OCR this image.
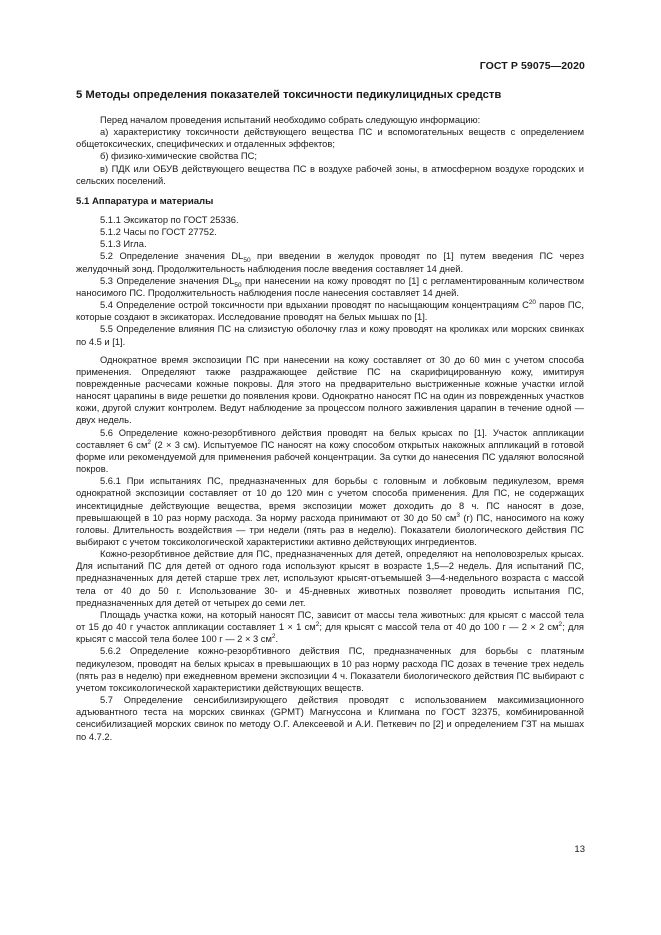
ГОСТ Р 59075—2020
5 Методы определения показателей токсичности педикулицидных средств

Перед началом проведения испытаний необходимо собрать следующую информацию:

а) характеристику токсичности действующего вещества ПС и вспомогательных веществ с определением общетоксических, специфических и отдаленных эффектов;

б) физико-химические свойства ПС;

в) ПДК или ОБУВ действующего вещества ПС в воздухе рабочей зоны, в атмосферном воздухе городских и сельских поселений.

5.1 Аппаратура и материалы

5.1.1 Эксикатор по ГОСТ 25336.

5.1.2 Часы по ГОСТ 27752.

5.1.3 Игла.

5.2 Определение значения $DL_{50}$ при введении в желудок проводят по [1] путем введения ПС через желудочный зонд. Продолжительность наблюдения после введения составляет 14 дней.

5.3 Определение значения $DL_{50}$ при нанесении на кожу проводят по [1] с регламентированным количеством наносимого ПС. Продолжительность наблюдения после нанесения составляет 14 дней.

5.4 Определение острой токсичности при вдыхании проводят по насыщающим концентрациям $C^{20}$ паров ПС, которые создают в эксикаторах. Исследование проводят на белых мышах по [1].

5.5 Определение влияния ПС на слизистую оболочку глаз и кожу проводят на кроликах или морских свинках по 4.5 и [1].

Однократное время экспозиции ПС при нанесении на кожу составляет от 30 до 60 мин с учетом способа применения. Определяют также раздражающее действие ПС на скарифицированную кожу, имитируя поврежденные расчесами кожные покровы. Для этого на предварительно выстриженные кожные участки иглой наносят царапины в виде решетки до появления крови. Однократно наносят ПС на один из поврежденных участков кожи, другой служит контролем. Ведут наблюдение за процессом полного заживления царапин в течение одной — двух недель.

5.6 Определение кожно-резорбтивного действия проводят на белых крысах по [1]. Участок аппликации составляет 6 $см^2$ (2 × 3 см). Испытуемое ПС наносят на кожу способом открытых накожных аппликаций в готовой форме или рекомендуемой для применения рабочей концентрации. За сутки до нанесения ПС удаляют волосяной покров.

5.6.1 При испытаниях ПС, предназначенных для борьбы с головным и лобковым педикулезом, время однократной экспозиции составляет от 10 до 120 мин с учетом способа применения. Для ПС, не содержащих инсектицидные действующие вещества, время экспозиции может доходить до 8 ч. ПС наносят в дозе, превышающей в 10 раз норму расхода. За норму расхода принимают от 30 до 50 $см^3$ (г) ПС, наносимого на кожу головы. Длительность воздействия — три недели (пять раз в неделю). Показатели биологического действия ПС выбирают с учетом токсикологической характеристики активно действующих ингредиентов.

Кожно-резорбтивное действие для ПС, предназначенных для детей, определяют на неполовозрелых крысах. Для испытаний ПС для детей от одного года используют крысят в возрасте 1,5—2 недель. Для испытаний ПС, предназначенных для детей старше трех лет, используют крысят-отъемышей 3—4-недельного возраста с массой тела от 40 до 50 г. Использование 30- и 45-дневных животных позволяет проводить испытания ПС, предназначенных для детей от четырех до семи лет.

Площадь участка кожи, на который наносят ПС, зависит от массы тела животных: для крысят с массой тела от 15 до 40 г участок аппликации составляет 1 × 1 $см^2$; для крысят с массой тела от 40 до 100 г — 2 × 2 $см^2$; для крысят с массой тела более 100 г — 2 × 3 $см^2$.

5.6.2 Определение кожно-резорбтивного действия ПС, предназначенных для борьбы с платяным педикулезом, проводят на белых крысах в превышающих в 10 раз норму расхода ПС дозах в течение трех недель (пять раз в неделю) при ежедневном времени экспозиции 4 ч. Показатели биологического действия ПС выбирают с учетом токсикологической характеристики действующих веществ.

5.7 Определение сенсибилизирующего действия проводят с использованием максимизационного адъювантного теста на морских свинках (GPMT) Магнуссона и Клигмана по ГОСТ 32375, комбинированной сенсибилизацией морских свинок по методу О.Г. Алексеевой и А.И. Петкевич по [2] и определением ГЗТ на мышах по 4.7.2.

13
